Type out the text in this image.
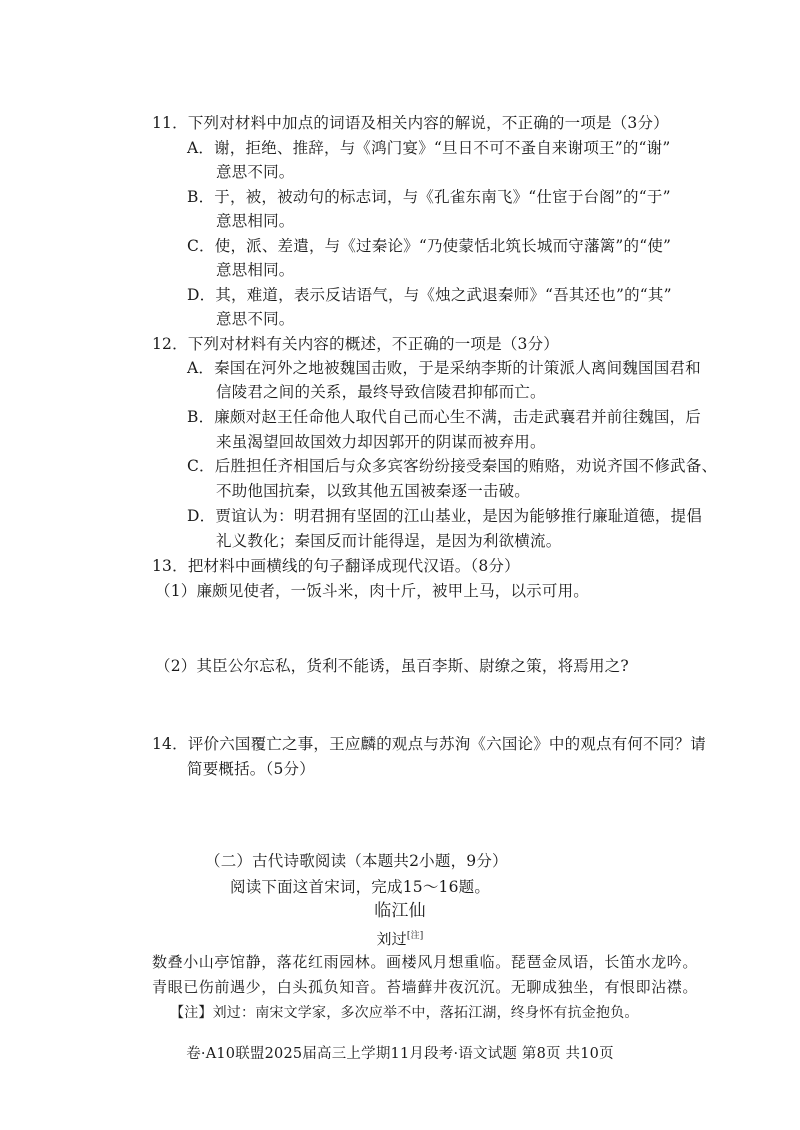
11．下列对材料中加点的词语及相关内容的解说，不正确的一项是（3分）
A．谢，拒绝、推辞，与《鸿门宴》“旦日不可不蚤自来谢项王”的“谢”
意思不同。
B．于，被，被动句的标志词，与《孔雀东南飞》“仕宦于台阁”的“于”
意思相同。
C．使，派、差遣，与《过秦论》“乃使蒙恬北筑长城而守藩篱”的“使”
意思相同。
D．其，难道，表示反诘语气，与《烛之武退秦师》“吾其还也”的“其”
意思不同。
12．下列对材料有关内容的概述，不正确的一项是（3分）
A．秦国在河外之地被魏国击败，于是采纳李斯的计策派人离间魏国国君和
信陵君之间的关系，最终导致信陵君抑郁而亡。
B．廉颇对赵王任命他人取代自己而心生不满，击走武襄君并前往魏国，后
来虽渴望回故国效力却因郭开的阴谋而被弃用。
C．后胜担任齐相国后与众多宾客纷纷接受秦国的贿赂，劝说齐国不修武备、
不助他国抗秦，以致其他五国被秦逐一击破。
D．贾谊认为：明君拥有坚固的江山基业，是因为能够推行廉耻道德，提倡
礼义教化；秦国反而计能得逞，是因为利欲横流。
13．把材料中画横线的句子翻译成现代汉语。（8分）
（1）廉颇见使者，一饭斗米，肉十斤，被甲上马，以示可用。
（2）其臣公尔忘私，货利不能诱，虽百李斯、尉缭之策，将焉用之?
14．评价六国覆亡之事，王应麟的观点与苏洵《六国论》中的观点有何不同？请
简要概括。（5分）
（二）古代诗歌阅读（本题共2小题，9分）
阅读下面这首宋词，完成15～16题。
临江仙
刘过[注]
数叠小山亭馆静，落花红雨园林。画楼风月想重临。琵琶金凤语，长笛水龙吟。
青眼已伤前遇少，白头孤负知音。苔墙藓井夜沉沉。无聊成独坐，有恨即沾襟。
【注】刘过：南宋文学家，多次应举不中，落拓江湖，终身怀有抗金抱负。
卷·A10联盟2025届高三上学期11月段考·语文试题 第8页 共10页
